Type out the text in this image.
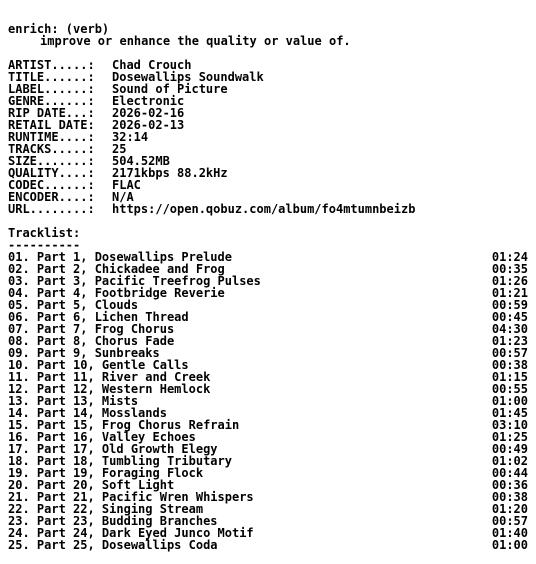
enrich: (verb)
improve or enhance the quality or value of.
ARTIST.....:	Chad Crouch
TITLE......:	Dosewallips Soundwalk
LABEL......:	Sound of Picture
GENRE......:	Electronic
RIP DATE...:	2026-02-16
RETAIL DATE:	2026-02-13
RUNTIME....:	32:14
TRACKS.....:	25
SIZE.......:	504.52MB
QUALITY....:	2171kbps 88.2kHz
CODEC......:	FLAC
ENCODER....:	N/A
URL........:	https://open.qobuz.com/album/fo4mtumnbeizb
Tracklist:
----------
01. Part 1, Dosewallips Prelude	01:24
02. Part 2, Chickadee and Frog	00:35
03. Part 3, Pacific Treefrog Pulses	01:26
04. Part 4, Footbridge Reverie	01:21
05. Part 5, Clouds	00:59
06. Part 6, Lichen Thread	00:45
07. Part 7, Frog Chorus	04:30
08. Part 8, Chorus Fade	01:23
09. Part 9, Sunbreaks	00:57
10. Part 10, Gentle Calls	00:38
11. Part 11, River and Creek	01:15
12. Part 12, Western Hemlock	00:55
13. Part 13, Mists	01:00
14. Part 14, Mosslands	01:45
15. Part 15, Frog Chorus Refrain	03:10
16. Part 16, Valley Echoes	01:25
17. Part 17, Old Growth Elegy	00:49
18. Part 18, Tumbling Tributary	01:02
19. Part 19, Foraging Flock	00:44
20. Part 20, Soft Light	00:36
21. Part 21, Pacific Wren Whispers	00:38
22. Part 22, Singing Stream	01:20
23. Part 23, Budding Branches	00:57
24. Part 24, Dark Eyed Junco Motif	01:40
25. Part 25, Dosewallips Coda	01:00
